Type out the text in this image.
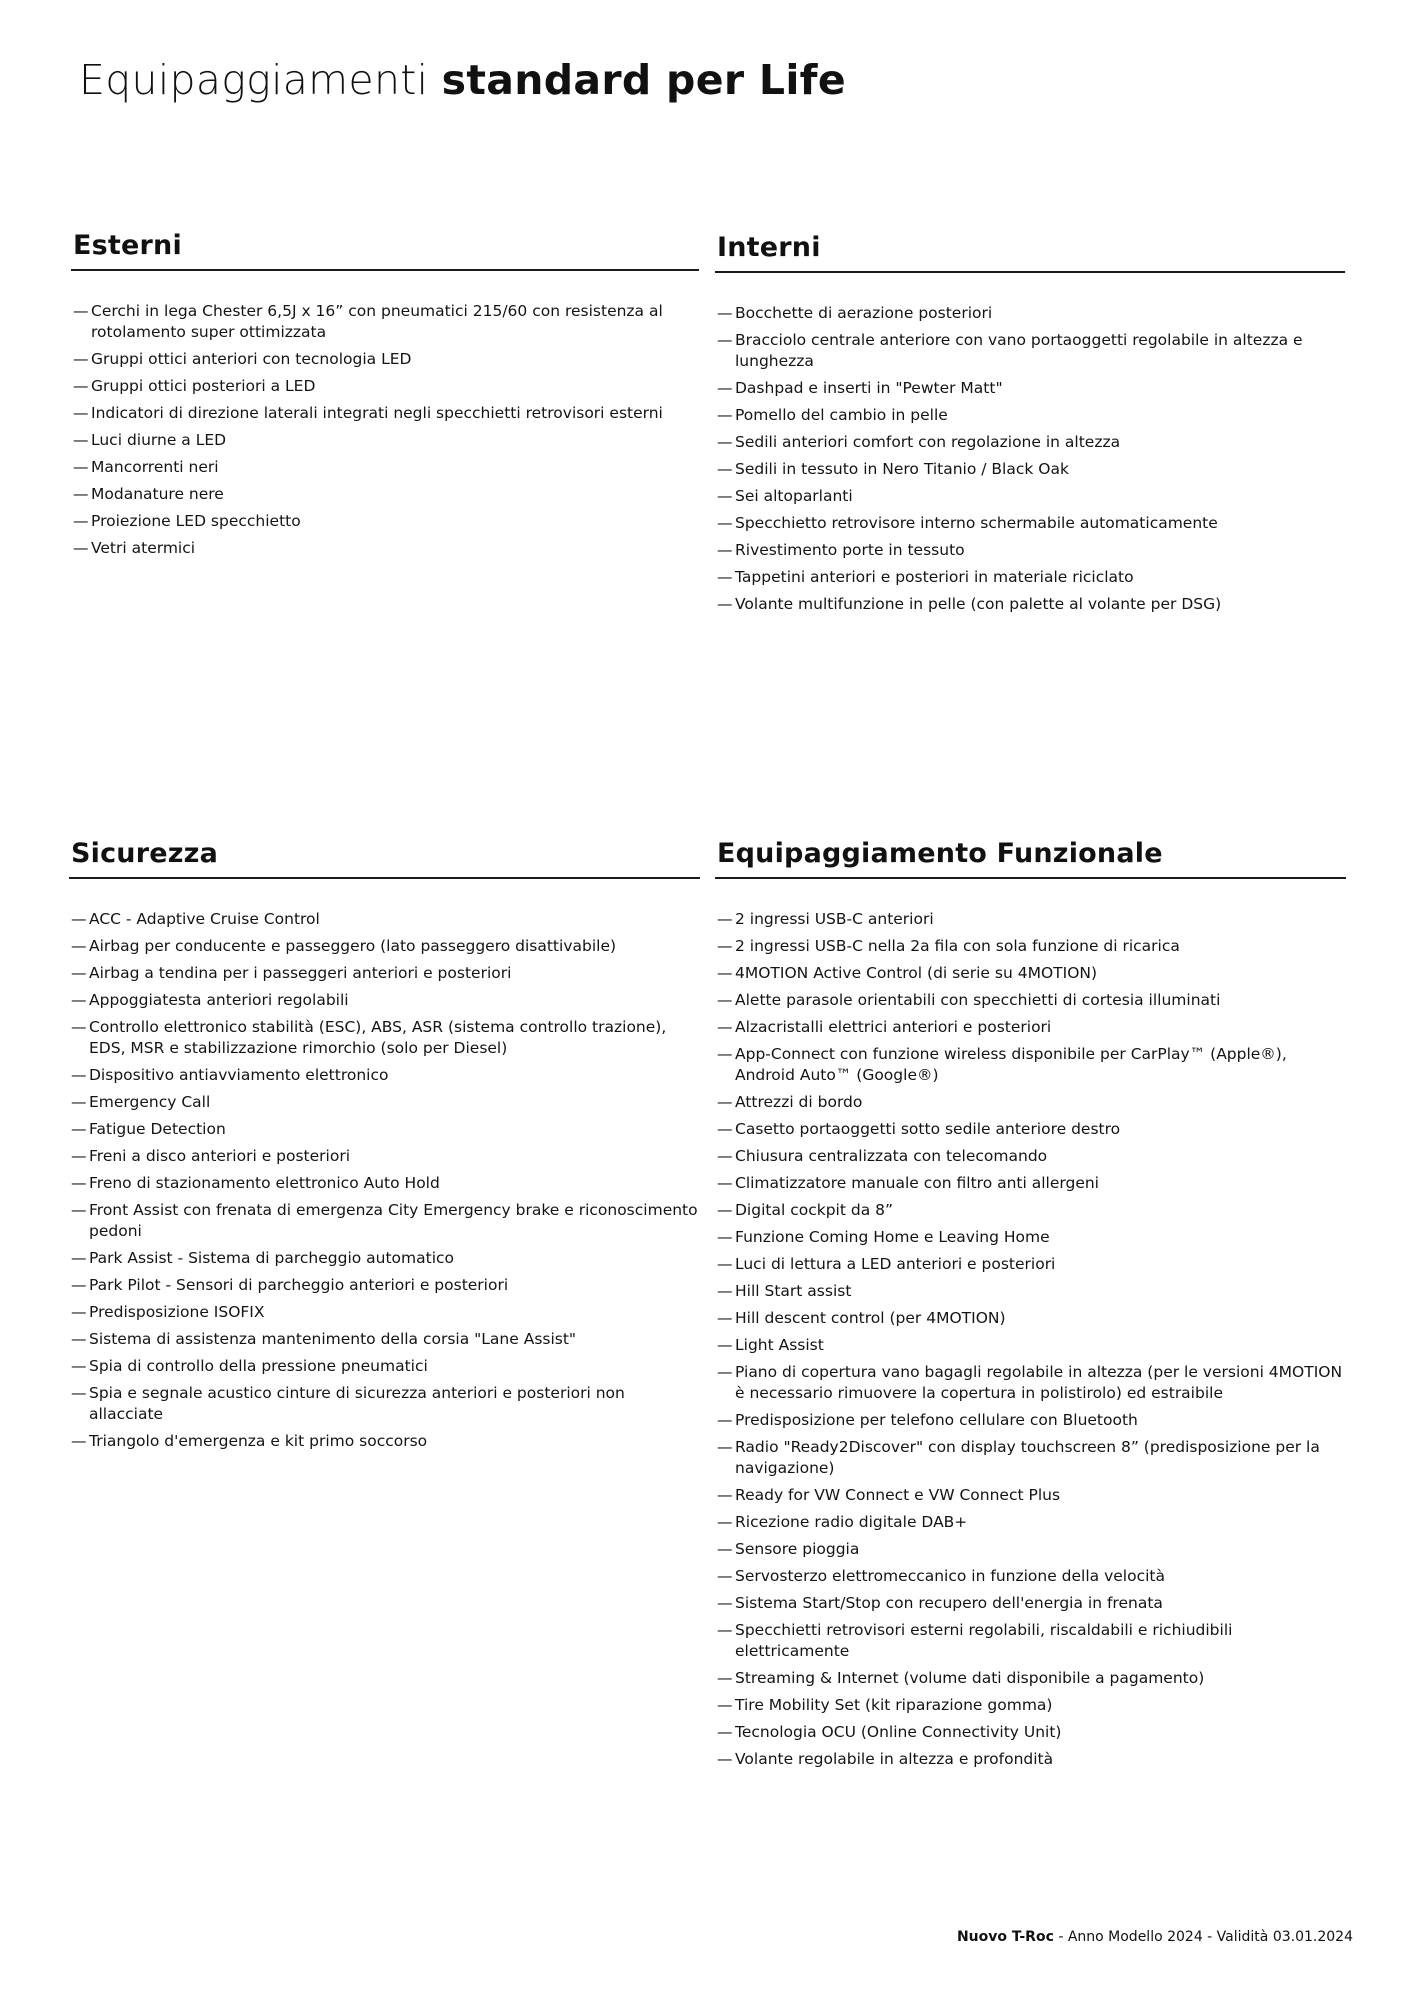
Equipaggiamenti standard per Life
Esterni
— Cerchi in lega Chester 6,5J x 16” con pneumatici 215/60 con resistenza al rotolamento super ottimizzata
— Gruppi ottici anteriori con tecnologia LED
— Gruppi ottici posteriori a LED
— Indicatori di direzione laterali integrati negli specchietti retrovisori esterni
— Luci diurne a LED
— Mancorrenti neri
— Modanature nere
— Proiezione LED specchietto
— Vetri atermici
Interni
— Bocchette di aerazione posteriori
— Bracciolo centrale anteriore con vano portaoggetti regolabile in altezza e lunghezza
— Dashpad e inserti in "Pewter Matt"
— Pomello del cambio in pelle
— Sedili anteriori comfort con regolazione in altezza
— Sedili in tessuto in Nero Titanio / Black Oak
— Sei altoparlanti
— Specchietto retrovisore interno schermabile automaticamente
— Rivestimento porte in tessuto
— Tappetini anteriori e posteriori in materiale riciclato
— Volante multifunzione in pelle (con palette al volante per DSG)
Sicurezza
— ACC - Adaptive Cruise Control
— Airbag per conducente e passeggero (lato passeggero disattivabile)
— Airbag a tendina per i passeggeri anteriori e posteriori
— Appoggiatesta anteriori regolabili
— Controllo elettronico stabilità (ESC), ABS, ASR (sistema controllo trazione), EDS, MSR e stabilizzazione rimorchio (solo per Diesel)
— Dispositivo antiavviamento elettronico
— Emergency Call
— Fatigue Detection
— Freni a disco anteriori e posteriori
— Freno di stazionamento elettronico Auto Hold
— Front Assist con frenata di emergenza City Emergency brake e riconoscimento pedoni
— Park Assist - Sistema di parcheggio automatico
— Park Pilot - Sensori di parcheggio anteriori e posteriori
— Predisposizione ISOFIX
— Sistema di assistenza mantenimento della corsia "Lane Assist"
— Spia di controllo della pressione pneumatici
— Spia e segnale acustico cinture di sicurezza anteriori e posteriori non allacciate
— Triangolo d'emergenza e kit primo soccorso
Equipaggiamento Funzionale
— 2 ingressi USB-C anteriori
— 2 ingressi USB-C nella 2a fila con sola funzione di ricarica
— 4MOTION Active Control (di serie su 4MOTION)
— Alette parasole orientabili con specchietti di cortesia illuminati
— Alzacristalli elettrici anteriori e posteriori
— App-Connect con funzione wireless disponibile per CarPlay™ (Apple®), Android Auto™ (Google®)
— Attrezzi di bordo
— Casetto portaoggetti sotto sedile anteriore destro
— Chiusura centralizzata con telecomando
— Climatizzatore manuale con filtro anti allergeni
— Digital cockpit da 8”
— Funzione Coming Home e Leaving Home
— Luci di lettura a LED anteriori e posteriori
— Hill Start assist
— Hill descent control (per 4MOTION)
— Light Assist
— Piano di copertura vano bagagli regolabile in altezza (per le versioni 4MOTION è necessario rimuovere la copertura in polistirolo) ed estraibile
— Predisposizione per telefono cellulare con Bluetooth
— Radio "Ready2Discover" con display touchscreen 8” (predisposizione per la navigazione)
— Ready for VW Connect e VW Connect Plus
— Ricezione radio digitale DAB+
— Sensore pioggia
— Servosterzo elettromeccanico in funzione della velocità
— Sistema Start/Stop con recupero dell'energia in frenata
— Specchietti retrovisori esterni regolabili, riscaldabili e richiudibili elettricamente
— Streaming & Internet (volume dati disponibile a pagamento)
— Tire Mobility Set (kit riparazione gomma)
— Tecnologia OCU (Online Connectivity Unit)
— Volante regolabile in altezza e profondità
Nuovo T-Roc - Anno Modello 2024 - Validità 03.01.2024
